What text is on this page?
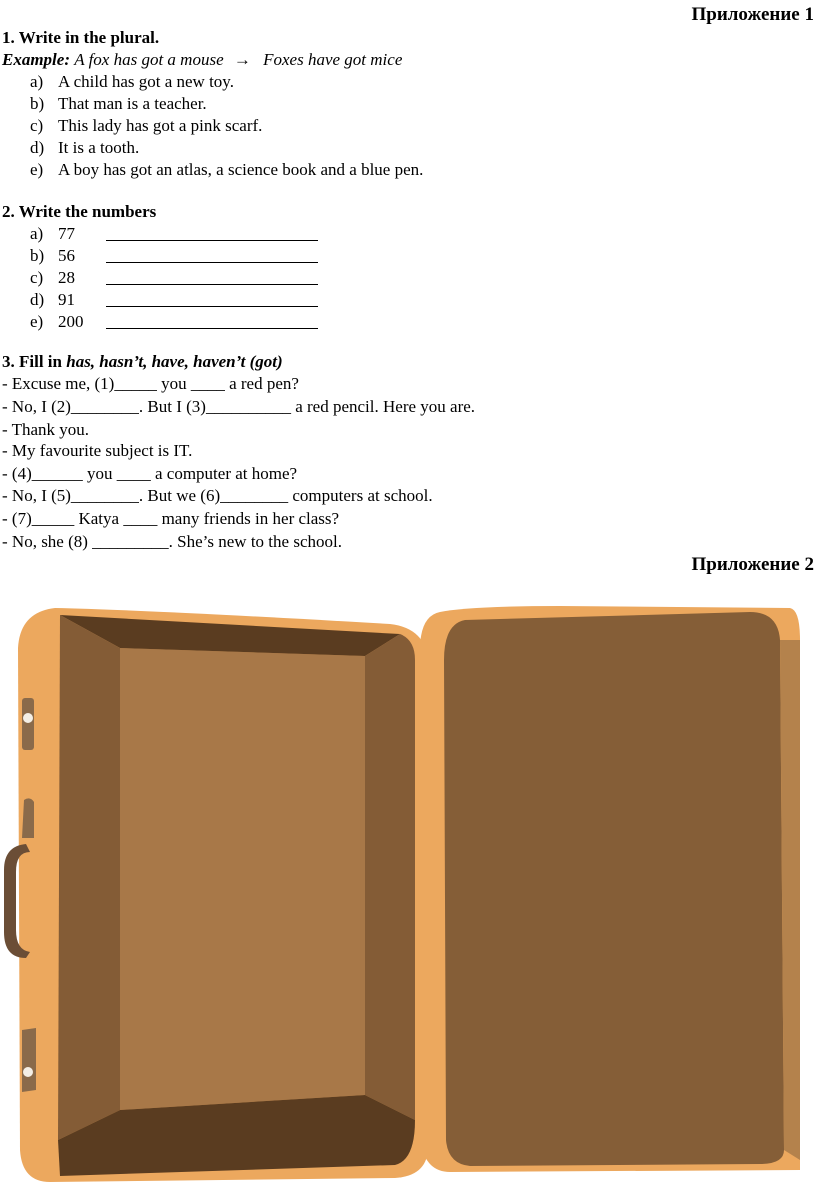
Приложение 1
1. Write in the plural.
Example: A fox has got a mouse → Foxes have got mice
a) A child has got a new toy.
b) That man is a teacher.
c) This lady has got a pink scarf.
d) It is a tooth.
e) A boy has got an atlas, a science book and a blue pen.
2. Write the numbers
a) 77
b) 56
c) 28
d) 91
e) 200
3. Fill in has, hasn’t, have, haven’t (got)
- Excuse me, (1)_____ you ____ a red pen?
- No, I (2)________. But I (3)__________ a red pencil. Here you are.
- Thank you.
- My favourite subject is IT.
- (4)______ you ____ a computer at home?
- No, I (5)________. But we (6)________ computers at school.
- (7)_____ Katya ____ many friends in her class?
- No, she (8) _________. She’s new to the school.
Приложение 2
